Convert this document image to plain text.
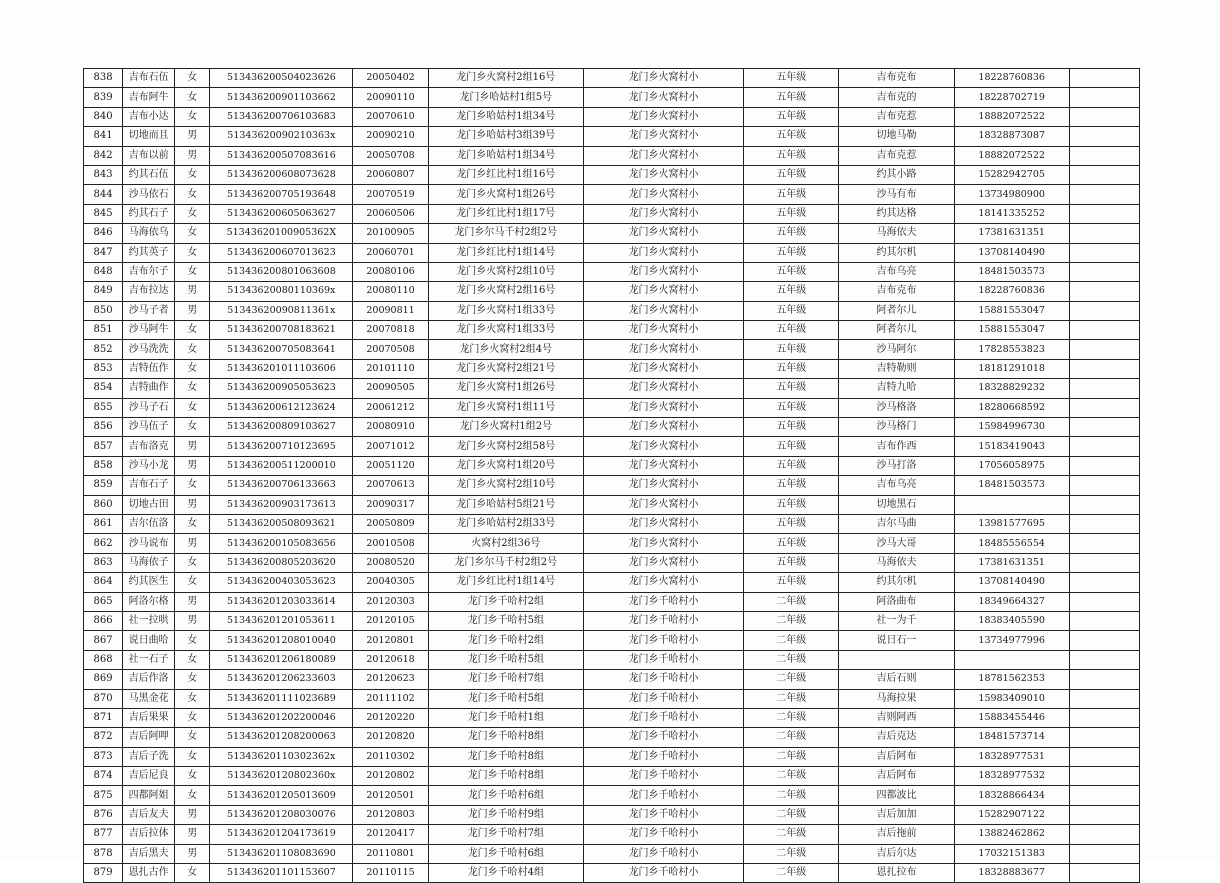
838	吉布石伍	女	513436200504023626	20050402	龙门乡火窝村2组16号	龙门乡火窝村小	五年级	吉布克布	18228760836	
839	吉布阿牛	女	513436200901103662	20090110	龙门乡哈姑村1组5号	龙门乡火窝村小	五年级	吉布克的	18228702719	
840	吉布小达	女	513436200706103683	20070610	龙门乡哈姑村1组34号	龙门乡火窝村小	五年级	吉布克惹	18882072522	
841	切地而且	男	51343620090210363x	20090210	龙门乡哈姑村3组39号	龙门乡火窝村小	五年级	切地马勒	18328873087	
842	吉布以前	男	513436200507083616	20050708	龙门乡哈姑村1组34号	龙门乡火窝村小	五年级	吉布克惹	18882072522	
843	约其石伍	女	513436200608073628	20060807	龙门乡红比村1组16号	龙门乡火窝村小	五年级	约其小路	15282942705	
844	沙马依石	女	513436200705193648	20070519	龙门乡火窝村1组26号	龙门乡火窝村小	五年级	沙马有布	13734980900	
845	约其石子	女	513436200605063627	20060506	龙门乡红比村1组17号	龙门乡火窝村小	五年级	约其达格	18141335252	
846	马海依乌	女	51343620100905362X	20100905	龙门乡尔马千村2组2号	龙门乡火窝村小	五年级	马海依夫	17381631351	
847	约其英子	女	513436200607013623	20060701	龙门乡红比村1组14号	龙门乡火窝村小	五年级	约其尔机	13708140490	
848	吉布尔子	女	513436200801063608	20080106	龙门乡火窝村2组10号	龙门乡火窝村小	五年级	吉布乌亮	18481503573	
849	吉布拉达	男	51343620080110369x	20080110	龙门乡火窝村2组16号	龙门乡火窝村小	五年级	吉布克布	18228760836	
850	沙马子者	男	51343620090811361x	20090811	龙门乡火窝村1组33号	龙门乡火窝村小	五年级	阿者尔儿	15881553047	
851	沙马阿牛	女	513436200708183621	20070818	龙门乡火窝村1组33号	龙门乡火窝村小	五年级	阿者尔儿	15881553047	
852	沙马洗洗	女	513436200705083641	20070508	龙门乡火窝村2组4号	龙门乡火窝村小	五年级	沙马阿尔	17828553823	
853	吉特伍作	女	513436201011103606	20101110	龙门乡火窝村2组21号	龙门乡火窝村小	五年级	吉特勒则	18181291018	
854	吉特曲作	女	513436200905053623	20090505	龙门乡火窝村1组26号	龙门乡火窝村小	五年级	吉特九哈	18328829232	
855	沙马子石	女	513436200612123624	20061212	龙门乡火窝村1组11号	龙门乡火窝村小	五年级	沙马格洛	18280668592	
856	沙马伍子	女	513436200809103627	20080910	龙门乡火窝村1组2号	龙门乡火窝村小	五年级	沙马格门	15984996730	
857	吉布洛克	男	513436200710123695	20071012	龙门乡火窝村2组58号	龙门乡火窝村小	五年级	吉布作西	15183419043	
858	沙马小龙	男	513436200511200010	20051120	龙门乡火窝村1组20号	龙门乡火窝村小	五年级	沙马打洛	17056058975	
859	吉布石子	女	513436200706133663	20070613	龙门乡火窝村2组10号	龙门乡火窝村小	五年级	吉布乌亮	18481503573	
860	切地古田	男	513436200903173613	20090317	龙门乡哈姑村5组21号	龙门乡火窝村小	五年级	切地黑石		
861	吉尔伍洛	女	513436200508093621	20050809	龙门乡哈姑村2组33号	龙门乡火窝村小	五年级	吉尔马曲	13981577695	
862	沙马说布	男	513436200105083656	20010508	火窝村2组36号	龙门乡火窝村小	五年级	沙马大哥	18485556554	
863	马海依子	女	513436200805203620	20080520	龙门乡尔马千村2组2号	龙门乡火窝村小	五年级	马海依夫	17381631351	
864	约其医生	女	513436200403053623	20040305	龙门乡红比村1组14号	龙门乡火窝村小	五年级	约其尔机	13708140490	
865	阿洛尔格	男	513436201203033614	20120303	龙门乡千哈村2组	龙门乡千哈村小	二年级	阿洛曲布	18349664327	
866	社一拉哄	男	513436201201053611	20120105	龙门乡千哈村5组	龙门乡千哈村小	二年级	社一为千	18383405590	
867	说日曲哈	女	513436201208010040	20120801	龙门乡千哈村2组	龙门乡千哈村小	二年级	说日石一	13734977996	
868	社一石子	女	513436201206180089	20120618	龙门乡千哈村5组	龙门乡千哈村小	二年级			
869	吉后作洛	女	513436201206233603	20120623	龙门乡千哈村7组	龙门乡千哈村小	二年级	吉后石则	18781562353	
870	马黑金花	女	513436201111023689	20111102	龙门乡千哈村5组	龙门乡千哈村小	二年级	马海拉果	15983409010	
871	吉后果果	女	513436201202200046	20120220	龙门乡千哈村1组	龙门乡千哈村小	二年级	吉则阿西	15883455446	
872	吉后阿呷	女	513436201208200063	20120820	龙门乡千哈村8组	龙门乡千哈村小	二年级	吉后克达	18481573714	
873	吉后子洗	女	51343620110302362x	20110302	龙门乡千哈村8组	龙门乡千哈村小	二年级	吉后阿布	18328977531	
874	吉后尼良	女	51343620120802360x	20120802	龙门乡千哈村8组	龙门乡千哈村小	二年级	吉后阿布	18328977532	
875	四都阿姐	女	513436201205013609	20120501	龙门乡千哈村6组	龙门乡千哈村小	二年级	四都波比	18328866434	
876	吉后友夫	男	513436201208030076	20120803	龙门乡千哈村9组	龙门乡千哈村小	二年级	吉后加加	15282907122	
877	吉后拉体	男	513436201204173619	20120417	龙门乡千哈村7组	龙门乡千哈村小	二年级	吉后拖前	13882462862	
878	吉后黑夫	男	513436201108083690	20110801	龙门乡千哈村6组	龙门乡千哈村小	二年级	吉后尔达	17032151383	
879	恩扎古作	女	513436201101153607	20110115	龙门乡千哈村4组	龙门乡千哈村小	二年级	恩扎拉布	18328883677	
